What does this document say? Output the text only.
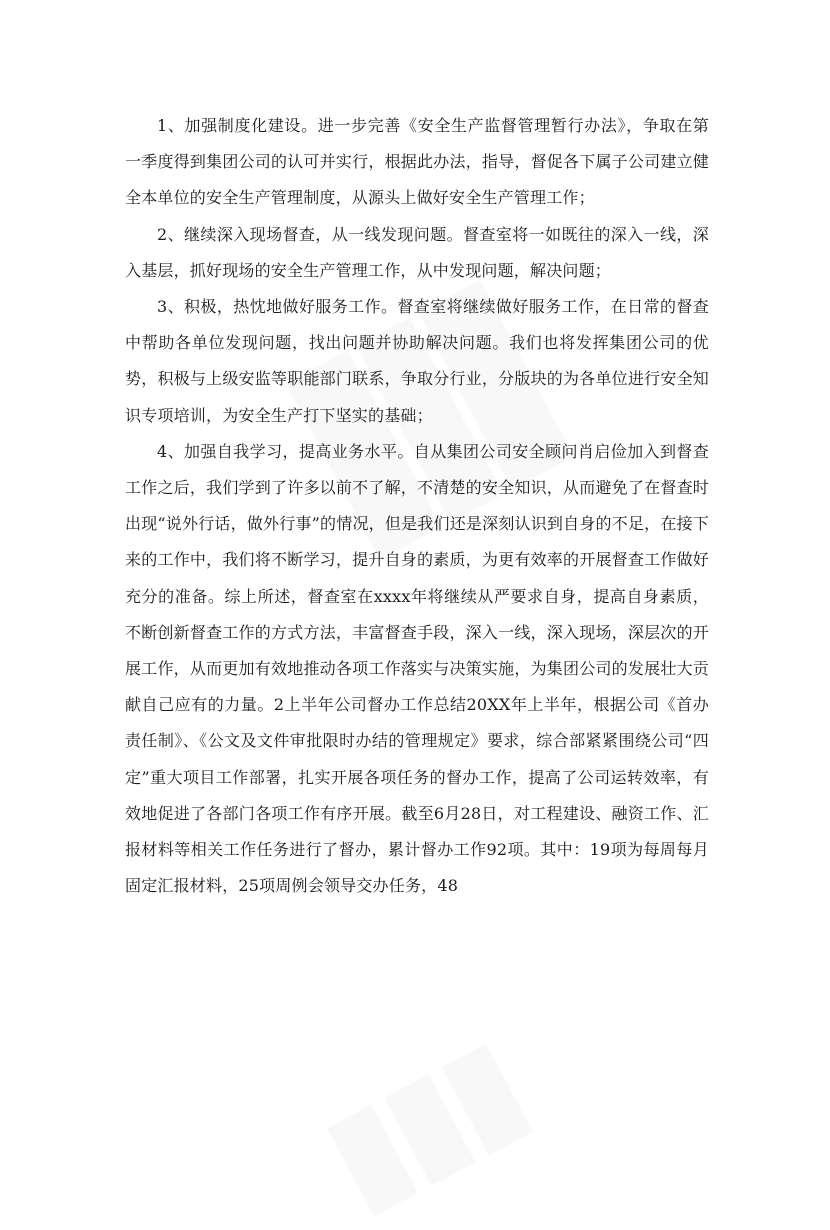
1、加强制度化建设。进一步完善《安全生产监督管理暂行办法》，争取在第一季度得到集团公司的认可并实行，根据此办法，指导，督促各下属子公司建立健全本单位的安全生产管理制度，从源头上做好安全生产管理工作；

2、继续深入现场督查，从一线发现问题。督查室将一如既往的深入一线，深入基层，抓好现场的安全生产管理工作，从中发现问题，解决问题；

3、积极，热忱地做好服务工作。督查室将继续做好服务工作，在日常的督查中帮助各单位发现问题，找出问题并协助解决问题。我们也将发挥集团公司的优势，积极与上级安监等职能部门联系，争取分行业，分版块的为各单位进行安全知识专项培训，为安全生产打下坚实的基础；

4、加强自我学习，提高业务水平。自从集团公司安全顾问肖启俭加入到督查工作之后，我们学到了许多以前不了解，不清楚的安全知识，从而避免了在督查时出现“说外行话，做外行事”的情况，但是我们还是深刻认识到自身的不足，在接下来的工作中，我们将不断学习，提升自身的素质，为更有效率的开展督查工作做好充分的准备。综上所述，督查室在xxxx年将继续从严要求自身，提高自身素质，不断创新督查工作的方式方法，丰富督查手段，深入一线，深入现场，深层次的开展工作，从而更加有效地推动各项工作落实与决策实施，为集团公司的发展壮大贡献自己应有的力量。2上半年公司督办工作总结20XX年上半年，根据公司《首办责任制》、《公文及文件审批限时办结的管理规定》要求，综合部紧紧围绕公司“四定”重大项目工作部署，扎实开展各项任务的督办工作，提高了公司运转效率，有效地促进了各部门各项工作有序开展。截至6月28日，对工程建设、融资工作、汇报材料等相关工作任务进行了督办，累计督办工作92项。其中：19项为每周每月固定汇报材料，25项周例会领导交办任务，48
